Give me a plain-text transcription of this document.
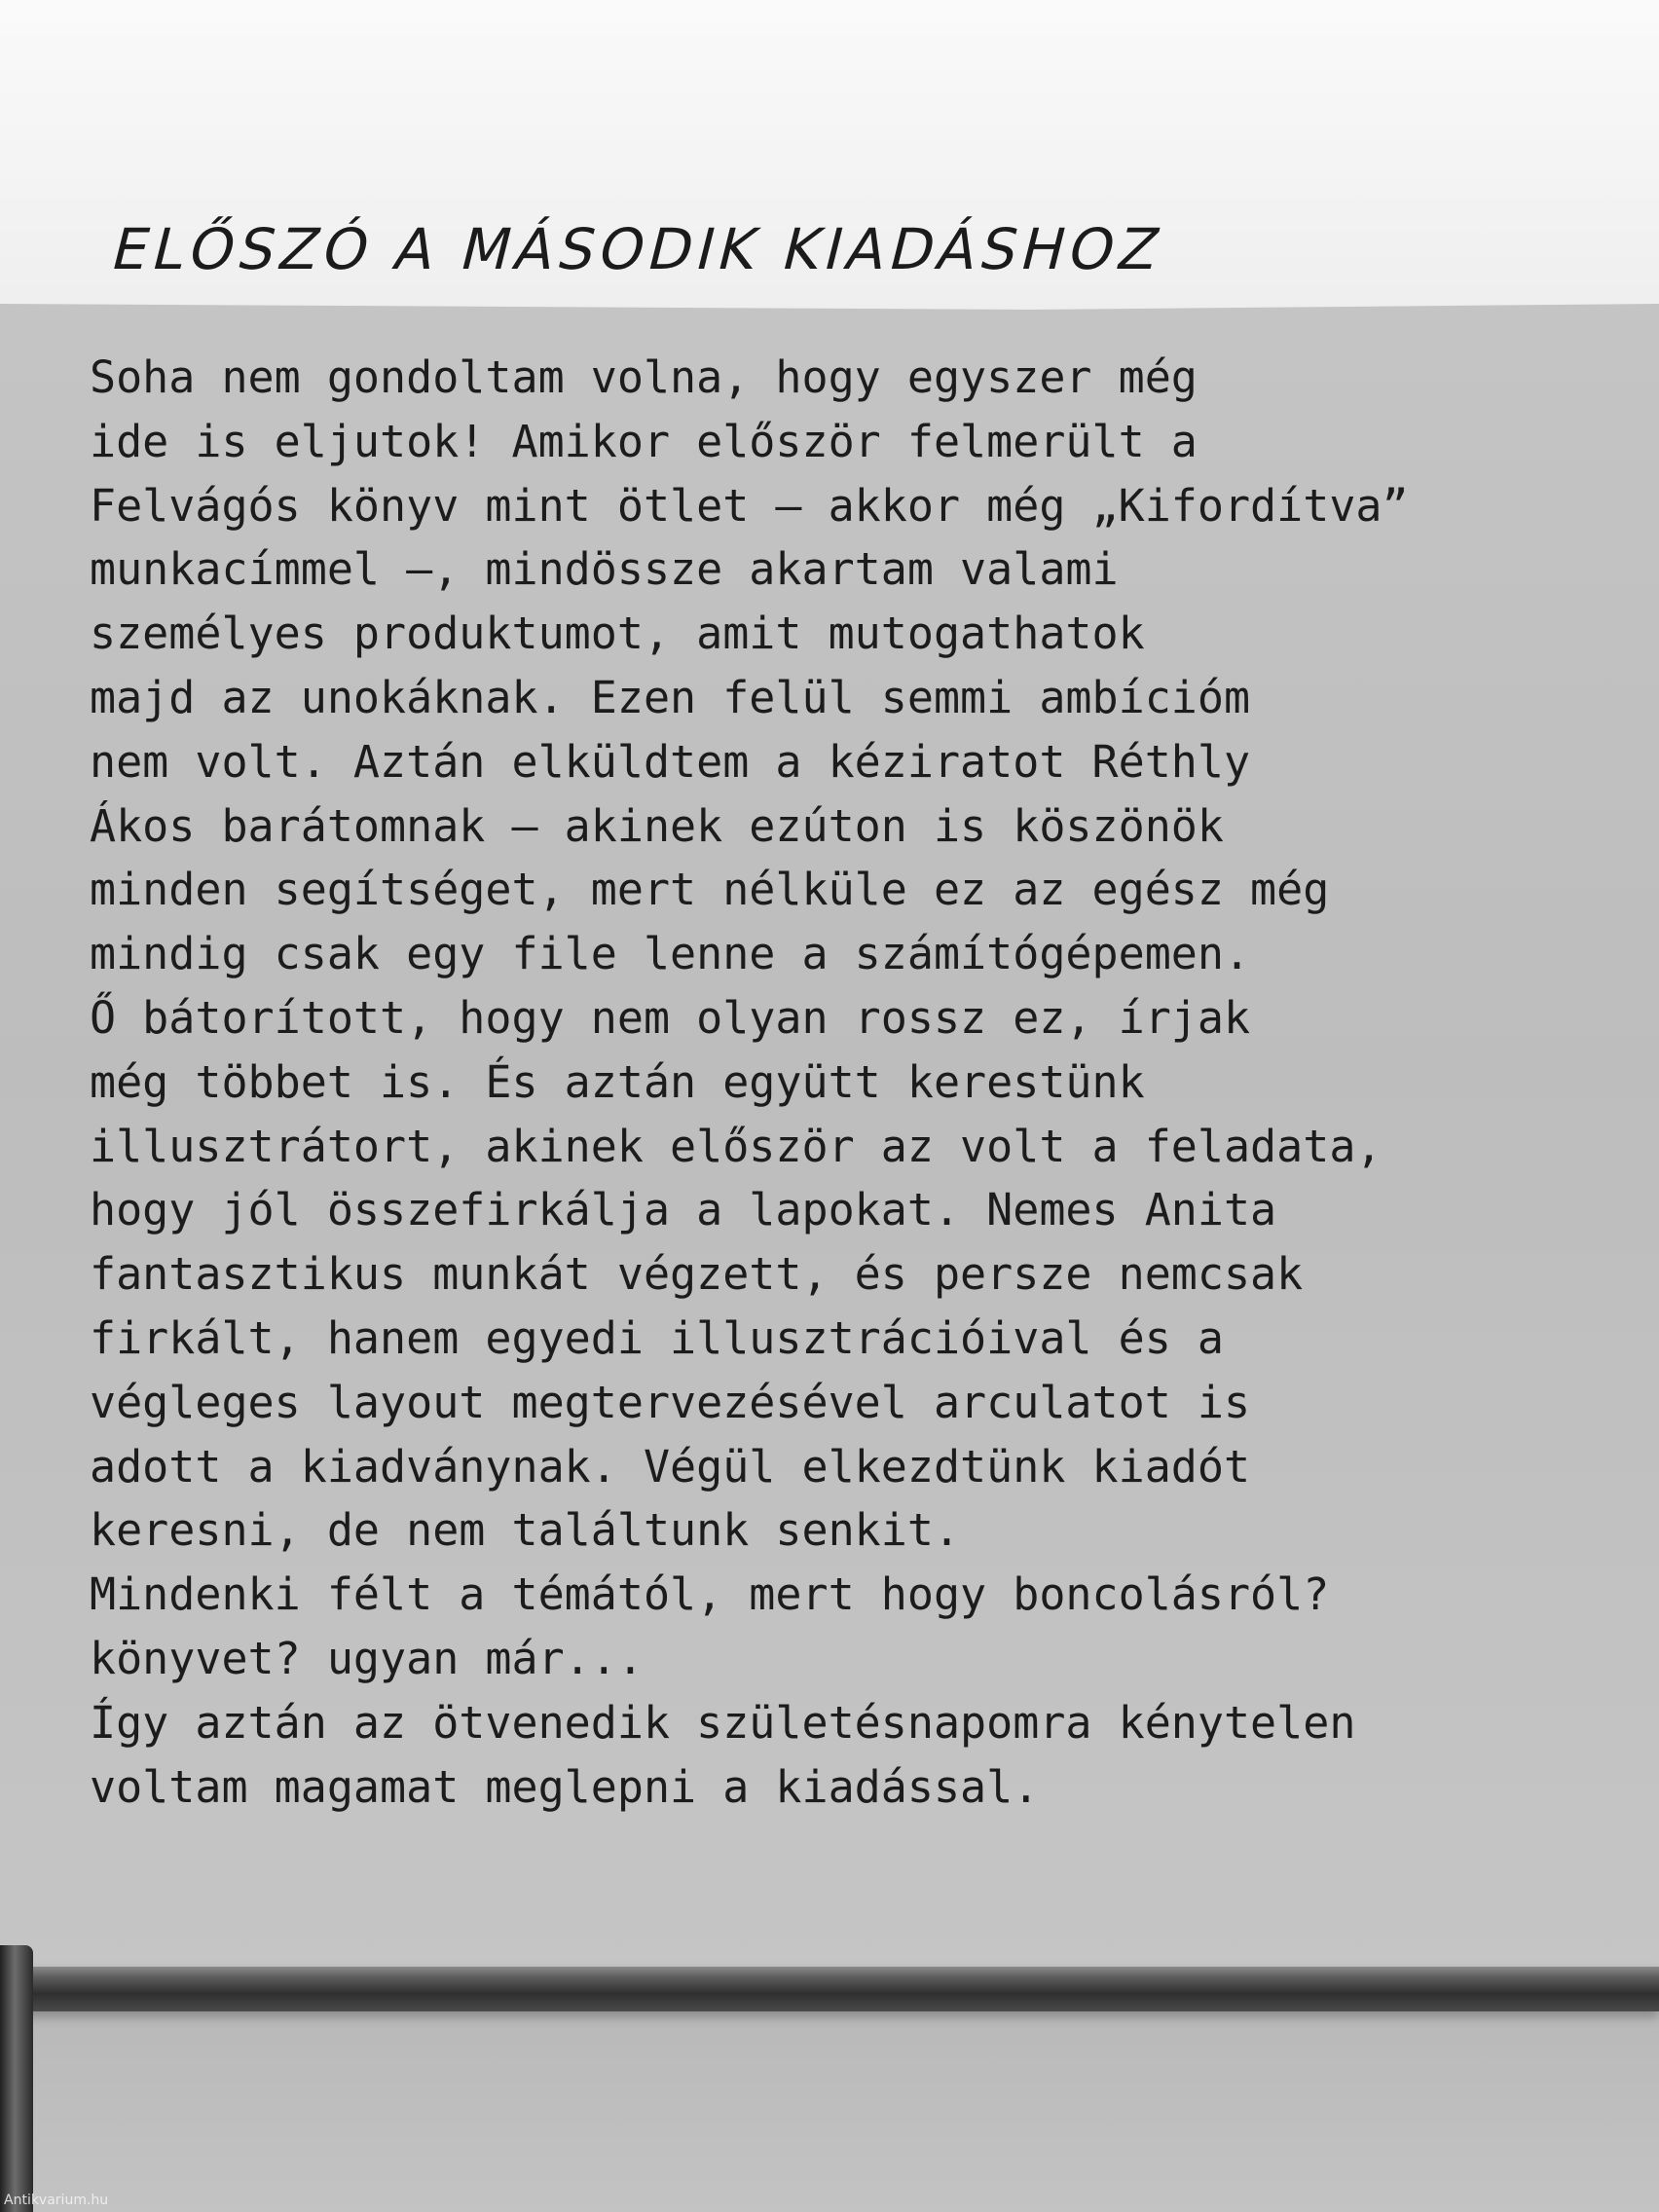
ELŐSZÓ A MÁSODIK KIADÁSHOZ

Soha nem gondoltam volna, hogy egyszer még
ide is eljutok! Amikor először felmerült a
Felvágós könyv mint ötlet – akkor még „Kifordítva”
munkacímmel –, mindössze akartam valami
személyes produktumot, amit mutogathatok
majd az unokáknak. Ezen felül semmi ambícióm
nem volt. Aztán elküldtem a kéziratot Réthly
Ákos barátomnak – akinek ezúton is köszönök
minden segítséget, mert nélküle ez az egész még
mindig csak egy file lenne a számítógépemen.
Ő bátorított, hogy nem olyan rossz ez, írjak
még többet is. És aztán együtt kerestünk
illusztrátort, akinek először az volt a feladata,
hogy jól összefirkálja a lapokat. Nemes Anita
fantasztikus munkát végzett, és persze nemcsak
firkált, hanem egyedi illusztrációival és a
végleges layout megtervezésével arculatot is
adott a kiadványnak. Végül elkezdtünk kiadót
keresni, de nem találtunk senkit.
Mindenki félt a témától, mert hogy boncolásról?
könyvet? ugyan már...
Így aztán az ötvenedik születésnapomra kénytelen
voltam magamat meglepni a kiadással.

Antikvarium.hu
